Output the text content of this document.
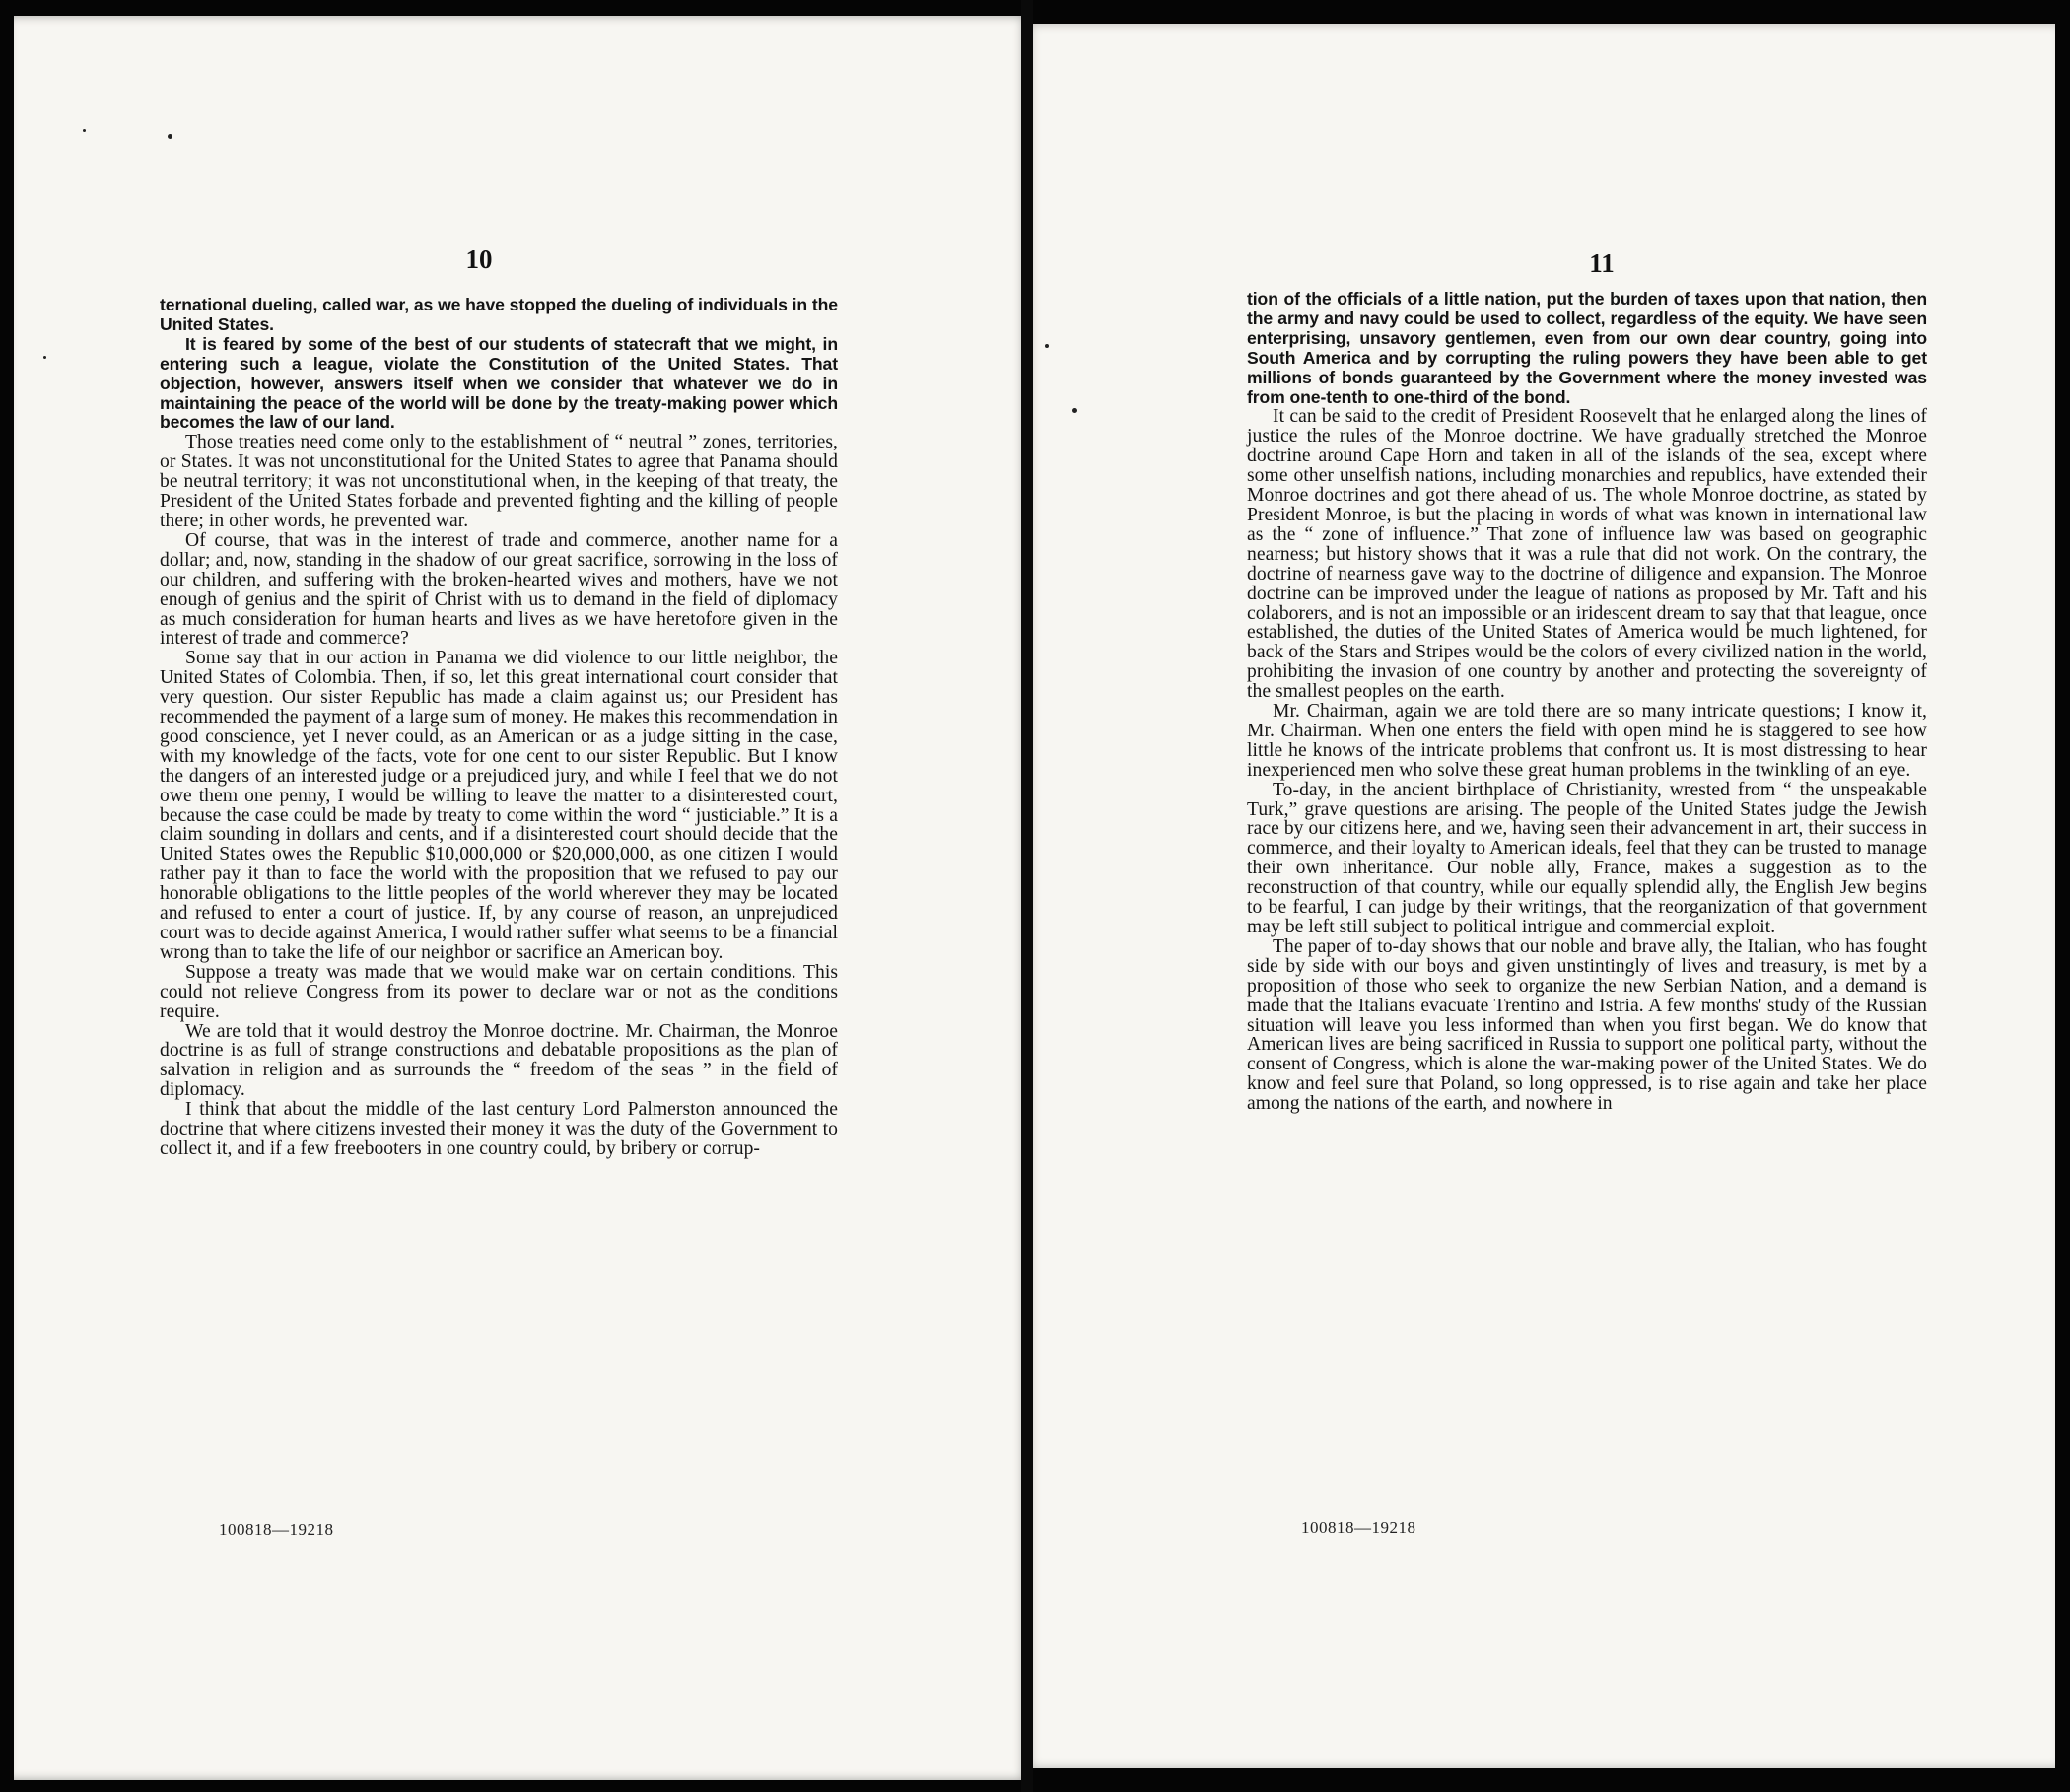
10

ternational dueling, called war, as we have stopped the dueling of individuals in the United States.

It is feared by some of the best of our students of statecraft that we might, in entering such a league, violate the Constitution of the United States. That objection, however, answers itself when we consider that whatever we do in maintaining the peace of the world will be done by the treaty-making power which becomes the law of our land.

Those treaties need come only to the establishment of “ neutral ” zones, territories, or States. It was not unconstitutional for the United States to agree that Panama should be neutral territory; it was not unconstitutional when, in the keeping of that treaty, the President of the United States forbade and prevented fighting and the killing of people there; in other words, he prevented war.

Of course, that was in the interest of trade and commerce, another name for a dollar; and, now, standing in the shadow of our great sacrifice, sorrowing in the loss of our children, and suffering with the broken-hearted wives and mothers, have we not enough of genius and the spirit of Christ with us to demand in the field of diplomacy as much consideration for human hearts and lives as we have heretofore given in the interest of trade and commerce?

Some say that in our action in Panama we did violence to our little neighbor, the United States of Colombia. Then, if so, let this great international court consider that very question. Our sister Republic has made a claim against us; our President has recommended the payment of a large sum of money. He makes this recommendation in good conscience, yet I never could, as an American or as a judge sitting in the case, with my knowledge of the facts, vote for one cent to our sister Republic. But I know the dangers of an interested judge or a prejudiced jury, and while I feel that we do not owe them one penny, I would be willing to leave the matter to a disinterested court, because the case could be made by treaty to come within the word “ justiciable.” It is a claim sounding in dollars and cents, and if a disinterested court should decide that the United States owes the Republic $10,000,000 or $20,000,000, as one citizen I would rather pay it than to face the world with the proposition that we refused to pay our honorable obligations to the little peoples of the world wherever they may be located and refused to enter a court of justice. If, by any course of reason, an unprejudiced court was to decide against America, I would rather suffer what seems to be a financial wrong than to take the life of our neighbor or sacrifice an American boy.

Suppose a treaty was made that we would make war on certain conditions. This could not relieve Congress from its power to declare war or not as the conditions require.

We are told that it would destroy the Monroe doctrine. Mr. Chairman, the Monroe doctrine is as full of strange constructions and debatable propositions as the plan of salvation in religion and as surrounds the “ freedom of the seas ” in the field of diplomacy.

I think that about the middle of the last century Lord Palmerston announced the doctrine that where citizens invested their money it was the duty of the Government to collect it, and if a few freebooters in one country could, by bribery or corrup-

100818—19218
11

tion of the officials of a little nation, put the burden of taxes upon that nation, then the army and navy could be used to collect, regardless of the equity. We have seen enterprising, unsavory gentlemen, even from our own dear country, going into South America and by corrupting the ruling powers they have been able to get millions of bonds guaranteed by the Government where the money invested was from one-tenth to one-third of the bond.

It can be said to the credit of President Roosevelt that he enlarged along the lines of justice the rules of the Monroe doctrine. We have gradually stretched the Monroe doctrine around Cape Horn and taken in all of the islands of the sea, except where some other unselfish nations, including monarchies and republics, have extended their Monroe doctrines and got there ahead of us. The whole Monroe doctrine, as stated by President Monroe, is but the placing in words of what was known in international law as the “ zone of influence.” That zone of influence law was based on geographic nearness; but history shows that it was a rule that did not work. On the contrary, the doctrine of nearness gave way to the doctrine of diligence and expansion. The Monroe doctrine can be improved under the league of nations as proposed by Mr. Taft and his colaborers, and is not an impossible or an iridescent dream to say that that league, once established, the duties of the United States of America would be much lightened, for back of the Stars and Stripes would be the colors of every civilized nation in the world, prohibiting the invasion of one country by another and protecting the sovereignty of the smallest peoples on the earth.

Mr. Chairman, again we are told there are so many intricate questions; I know it, Mr. Chairman. When one enters the field with open mind he is staggered to see how little he knows of the intricate problems that confront us. It is most distressing to hear inexperienced men who solve these great human problems in the twinkling of an eye.

To-day, in the ancient birthplace of Christianity, wrested from “ the unspeakable Turk,” grave questions are arising. The people of the United States judge the Jewish race by our citizens here, and we, having seen their advancement in art, their success in commerce, and their loyalty to American ideals, feel that they can be trusted to manage their own inheritance. Our noble ally, France, makes a suggestion as to the reconstruction of that country, while our equally splendid ally, the English Jew begins to be fearful, I can judge by their writings, that the reorganization of that government may be left still subject to political intrigue and commercial exploit.

The paper of to-day shows that our noble and brave ally, the Italian, who has fought side by side with our boys and given unstintingly of lives and treasury, is met by a proposition of those who seek to organize the new Serbian Nation, and a demand is made that the Italians evacuate Trentino and Istria. A few months' study of the Russian situation will leave you less informed than when you first began. We do know that American lives are being sacrificed in Russia to support one political party, without the consent of Congress, which is alone the war-making power of the United States. We do know and feel sure that Poland, so long oppressed, is to rise again and take her place among the nations of the earth, and nowhere in

100818—19218
